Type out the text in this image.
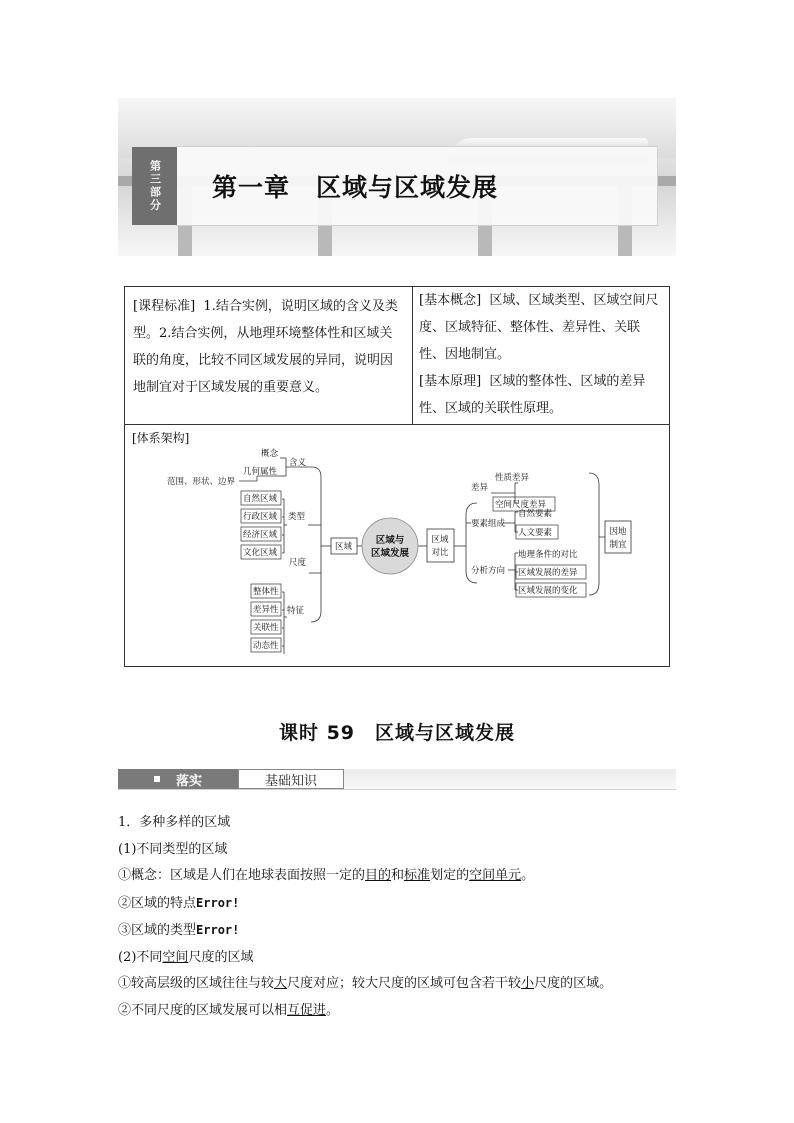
第三部分	第一章　区域与区域发展

[课程标准] 1.结合实例，说明区域的含义及类型。2.结合实例，从地理环境整体性和区域关联的角度，比较不同区域发展的异同，说明因地制宜对于区域发展的重要意义。

[基本概念] 区域、区域类型、区域空间尺度、区域特征、整体性、差异性、关联性、因地制宜。

[基本原理] 区域的整体性、区域的差异性、区域的关联性原理。

[体系架构]
概念
几何属性
范围、形状、边界
含义
自然区域
行政区域
经济区域
文化区域
类型
尺度
整体性
差异性
关联性
动态性
特征
区域
区域与
区域发展
区域
对比
差异
性质差异
空间尺度差异
要素组成
自然要素
人文要素
分析方向
地理条件的对比
区域发展的差异
区域发展的变化
因地
制宜
课时 59　区域与区域发展
落实	基础知识

1．多种多样的区域

(1)不同类型的区域

①概念：区域是人们在地球表面按照一定的目的和标准划定的空间单元。

②区域的特点Error!

③区域的类型Error!

(2)不同空间尺度的区域

①较高层级的区域往往与较大尺度对应；较大尺度的区域可包含若干较小尺度的区域。

②不同尺度的区域发展可以相互促进。
